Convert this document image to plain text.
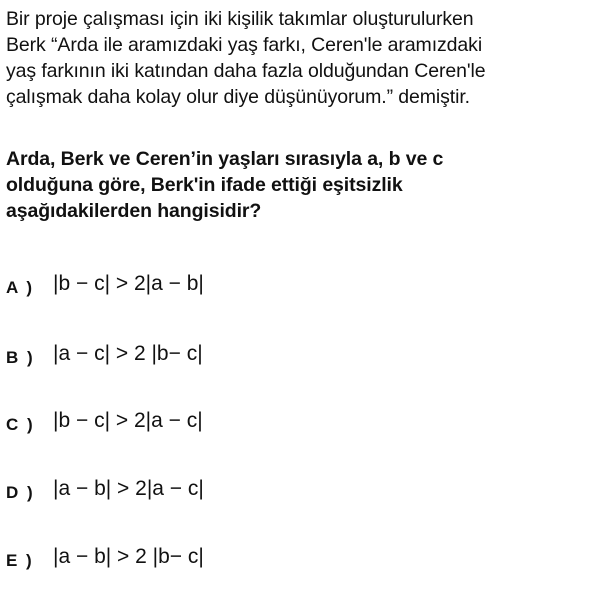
Bir proje çalışması için iki kişilik takımlar oluşturulurken

Berk “Arda ile aramızdaki yaş farkı, Ceren'le aramızdaki

yaş farkının iki katından daha fazla olduğundan Ceren'le

çalışmak daha kolay olur diye düşünüyorum.” demiştir.

Arda, Berk ve Ceren’in yaşları sırasıyla a, b ve c

olduğuna göre, Berk'in ifade ettiği eşitsizlik

aşağıdakilerden hangisidir?

A ) |b − c| > 2|a − b|
B ) |a − c| > 2 |b− c|
C ) |b − c| > 2|a − c|
D ) |a − b| > 2|a − c|
E ) |a − b| > 2 |b− c|
